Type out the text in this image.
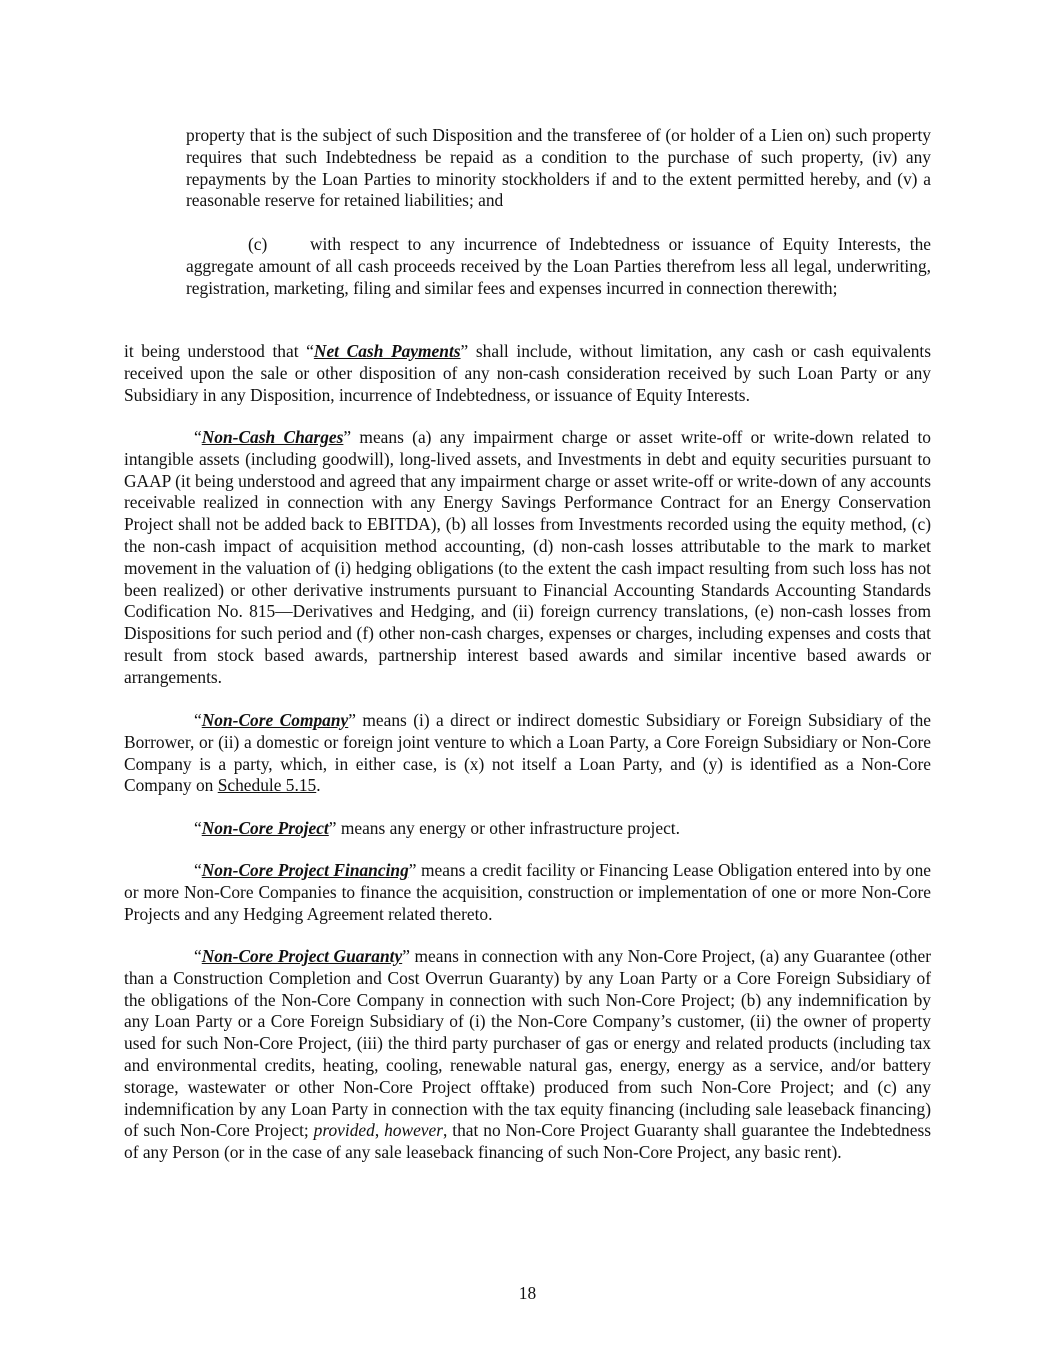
property that is the subject of such Disposition and the transferee of (or holder of a Lien on) such property requires that such Indebtedness be repaid as a condition to the purchase of such property, (iv) any repayments by the Loan Parties to minority stockholders if and to the extent permitted hereby, and (v) a reasonable reserve for retained liabilities; and

(c) with respect to any incurrence of Indebtedness or issuance of Equity Interests, the aggregate amount of all cash proceeds received by the Loan Parties therefrom less all legal, underwriting, registration, marketing, filing and similar fees and expenses incurred in connection therewith;

it being understood that “Net Cash Payments” shall include, without limitation, any cash or cash equivalents received upon the sale or other disposition of any non-cash consideration received by such Loan Party or any Subsidiary in any Disposition, incurrence of Indebtedness, or issuance of Equity Interests.

“Non-Cash Charges” means (a) any impairment charge or asset write-off or write-down related to intangible assets (including goodwill), long-lived assets, and Investments in debt and equity securities pursuant to GAAP (it being understood and agreed that any impairment charge or asset write-off or write-down of any accounts receivable realized in connection with any Energy Savings Performance Contract for an Energy Conservation Project shall not be added back to EBITDA), (b) all losses from Investments recorded using the equity method, (c) the non-cash impact of acquisition method accounting, (d) non-cash losses attributable to the mark to market movement in the valuation of (i) hedging obligations (to the extent the cash impact resulting from such loss has not been realized) or other derivative instruments pursuant to Financial Accounting Standards Accounting Standards Codification No. 815—Derivatives and Hedging, and (ii) foreign currency translations, (e) non-cash losses from Dispositions for such period and (f) other non-cash charges, expenses or charges, including expenses and costs that result from stock based awards, partnership interest based awards and similar incentive based awards or arrangements.

“Non-Core Company” means (i) a direct or indirect domestic Subsidiary or Foreign Subsidiary of the Borrower, or (ii) a domestic or foreign joint venture to which a Loan Party, a Core Foreign Subsidiary or Non-Core Company is a party, which, in either case, is (x) not itself a Loan Party, and (y) is identified as a Non-Core Company on Schedule 5.15.

“Non-Core Project” means any energy or other infrastructure project.

“Non-Core Project Financing” means a credit facility or Financing Lease Obligation entered into by one or more Non-Core Companies to finance the acquisition, construction or implementation of one or more Non-Core Projects and any Hedging Agreement related thereto.

“Non-Core Project Guaranty” means in connection with any Non-Core Project, (a) any Guarantee (other than a Construction Completion and Cost Overrun Guaranty) by any Loan Party or a Core Foreign Subsidiary of the obligations of the Non-Core Company in connection with such Non-Core Project; (b) any indemnification by any Loan Party or a Core Foreign Subsidiary of (i) the Non-Core Company’s customer, (ii) the owner of property used for such Non-Core Project, (iii) the third party purchaser of gas or energy and related products (including tax and environmental credits, heating, cooling, renewable natural gas, energy, energy as a service, and/or battery storage, wastewater or other Non-Core Project offtake) produced from such Non-Core Project; and (c) any indemnification by any Loan Party in connection with the tax equity financing (including sale leaseback financing) of such Non-Core Project; provided, however, that no Non-Core Project Guaranty shall guarantee the Indebtedness of any Person (or in the case of any sale leaseback financing of such Non-Core Project, any basic rent).

18
